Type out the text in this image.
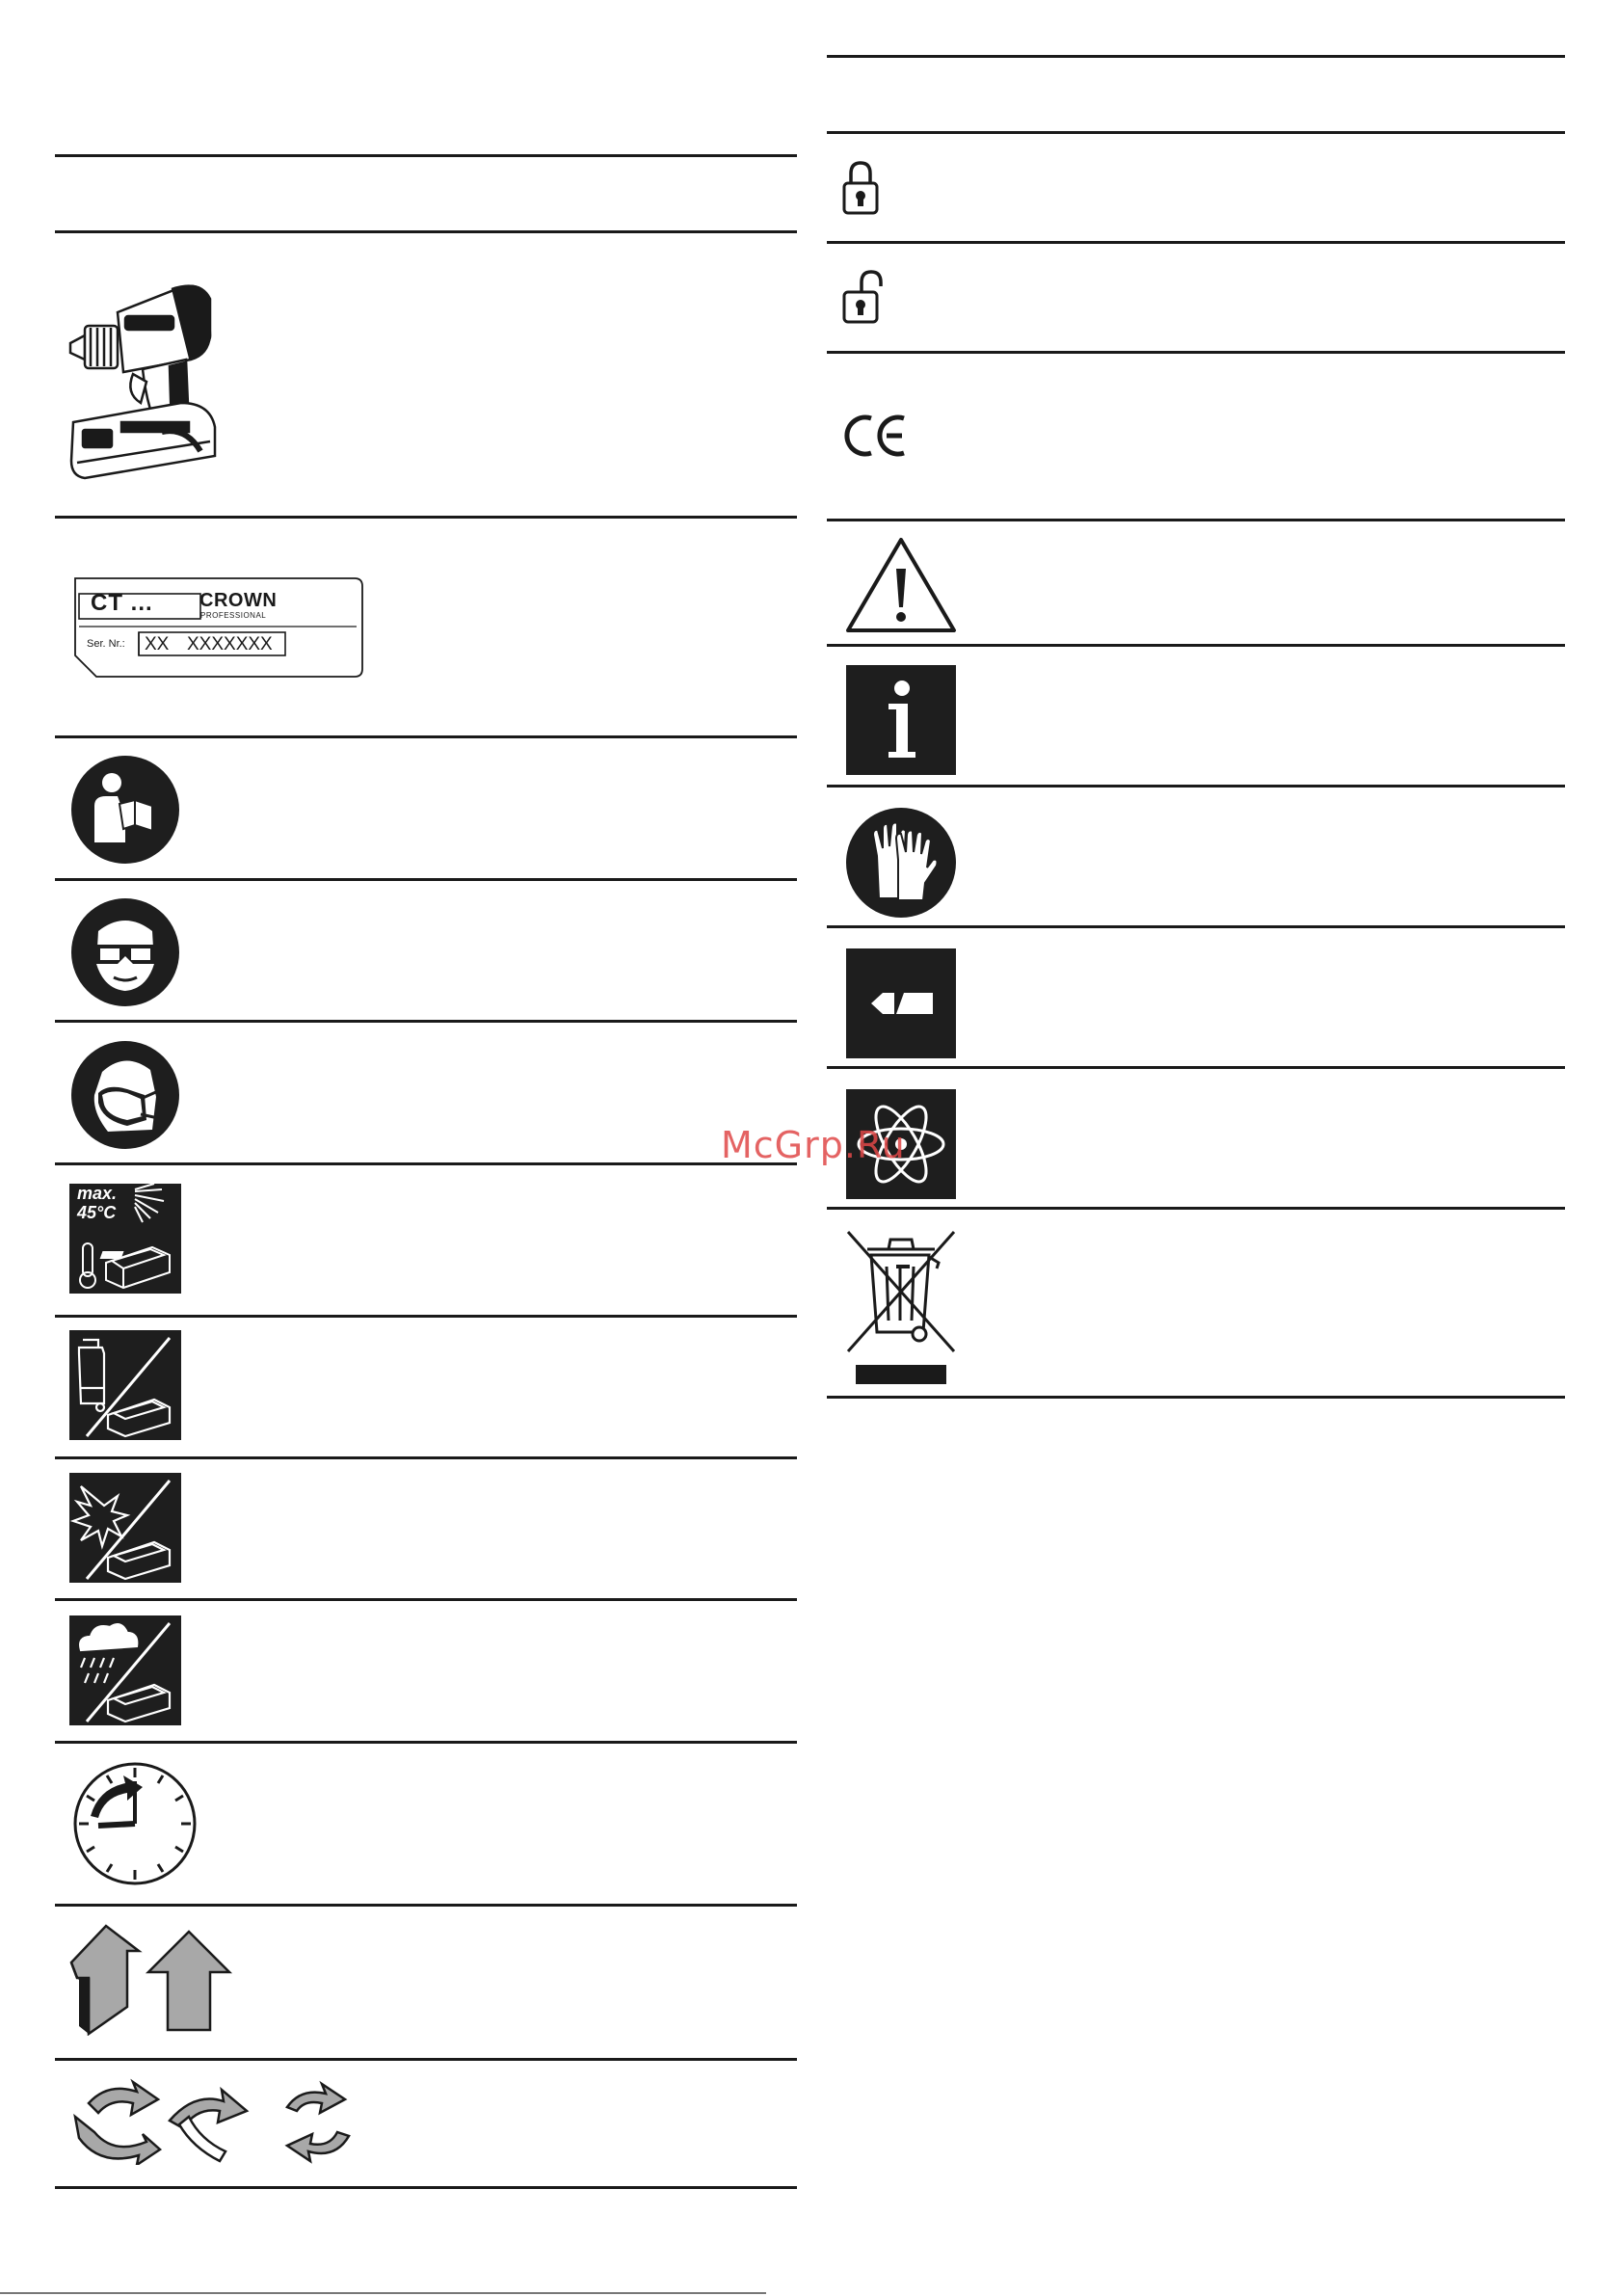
CT ... CROWN
PROFESSIONAL
Ser. Nr.: XX XXXXXXX
max.
45°C
McGrp.Ru
